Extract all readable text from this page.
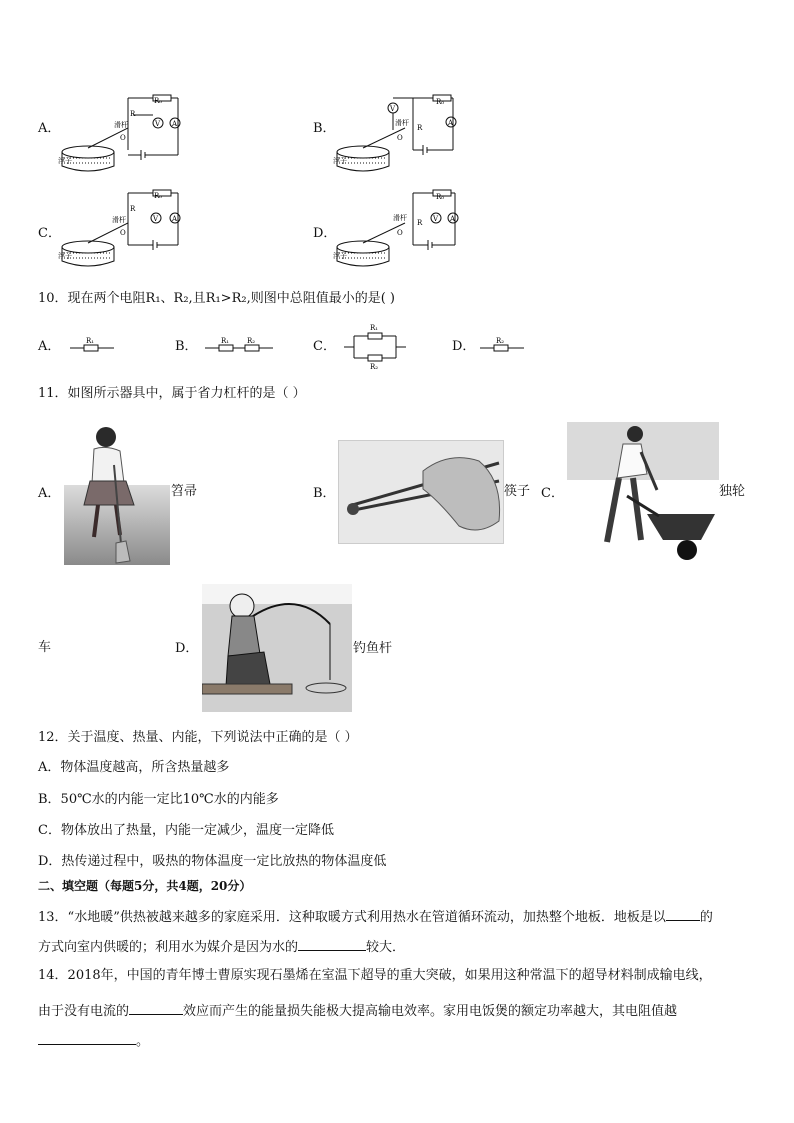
A．	B．
C．	D．
R₀
R
滑杆
O
浮子
V A
R₀
R
滑杆
O
浮子
V
A
R₀
R
滑杆
O
浮子
V A
R₀
R
滑杆
O
浮子
V A
10．现在两个电阻R₁、R₂,且R₁>R₂,则图中总阻值最小的是( )
A．	R₁	B．	R₁	R₂	C．
R₁
R₂
D．	R₂
11．如图所示器具中，属于省力杠杆的是（ ）
A．	笤帚	B．	筷子 C．	独轮
车	D．	钓鱼杆
12．关于温度、热量、内能，下列说法中正确的是（ ）
A．物体温度越高，所含热量越多
B．50℃水的内能一定比10℃水的内能多
C．物体放出了热量，内能一定减少，温度一定降低
D．热传递过程中，吸热的物体温度一定比放热的物体温度低
二、填空题（每题5分，共4题，20分）
13．“水地暖”供热被越来越多的家庭采用．这种取暖方式利用热水在管道循环流动，加热整个地板．地板是以	的
方式向室内供暖的；利用水为媒介是因为水的	较大．
14．2018年，中国的青年博士曹原实现石墨烯在室温下超导的重大突破，如果用这种常温下的超导材料制成输电线，
由于没有电流的	效应而产生的能量损失能极大提高输电效率。家用电饭煲的额定功率越大，其电阻值越
。
